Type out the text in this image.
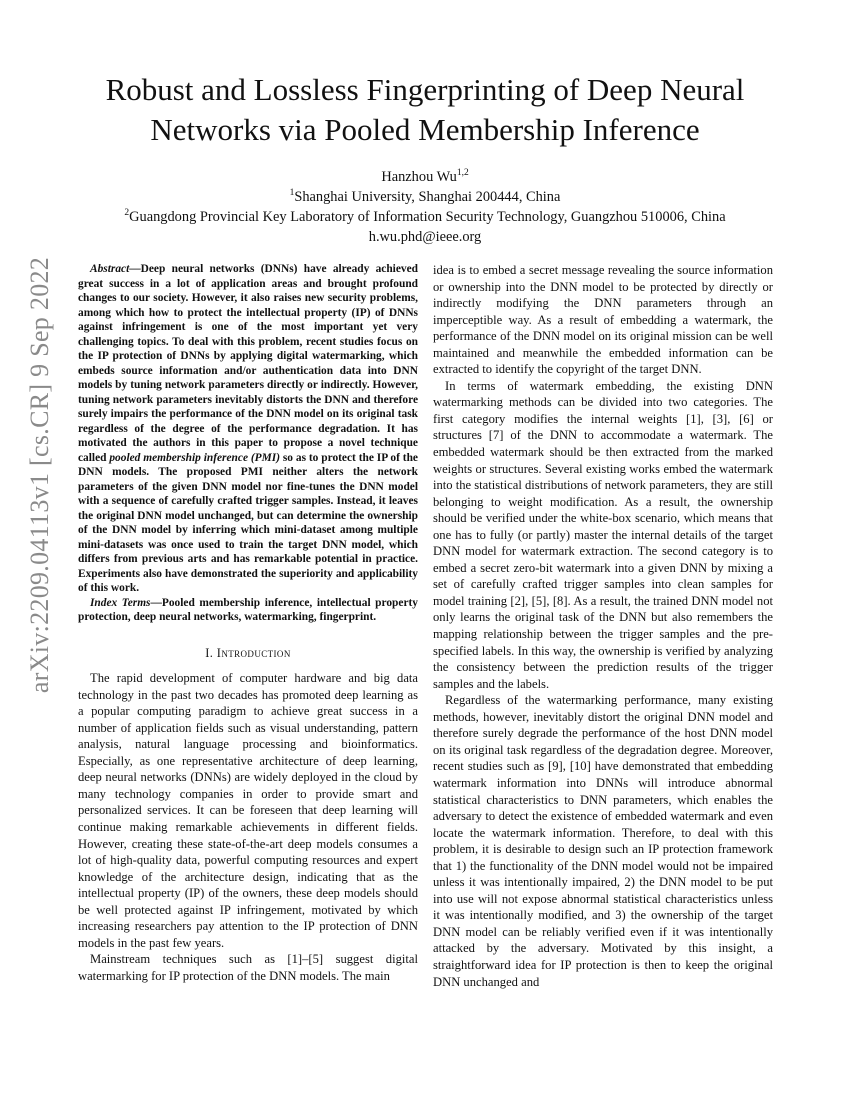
arXiv:2209.04113v1 [cs.CR] 9 Sep 2022
Robust and Lossless Fingerprinting of Deep Neural Networks via Pooled Membership Inference
Hanzhou Wu$^{1,2}$
$^1$Shanghai University, Shanghai 200444, China
$^2$Guangdong Provincial Key Laboratory of Information Security Technology, Guangzhou 510006, China
h.wu.phd@ieee.org

Abstract—Deep neural networks (DNNs) have already achieved great success in a lot of application areas and brought profound changes to our society. However, it also raises new security problems, among which how to protect the intellectual property (IP) of DNNs against infringement is one of the most important yet very challenging topics. To deal with this problem, recent studies focus on the IP protection of DNNs by applying digital watermarking, which embeds source information and/or authentication data into DNN models by tuning network parameters directly or indirectly. However, tuning network parameters inevitably distorts the DNN and therefore surely impairs the performance of the DNN model on its original task regardless of the degree of the performance degradation. It has motivated the authors in this paper to propose a novel technique called pooled membership inference (PMI) so as to protect the IP of the DNN models. The proposed PMI neither alters the network parameters of the given DNN model nor fine-tunes the DNN model with a sequence of carefully crafted trigger samples. Instead, it leaves the original DNN model unchanged, but can determine the ownership of the DNN model by inferring which mini-dataset among multiple mini-datasets was once used to train the target DNN model, which differs from previous arts and has remarkable potential in practice. Experiments also have demonstrated the superiority and applicability of this work.

Index Terms—Pooled membership inference, intellectual property protection, deep neural networks, watermarking, fingerprint.

I. Introduction

The rapid development of computer hardware and big data technology in the past two decades has promoted deep learning as a popular computing paradigm to achieve great success in a number of application fields such as visual understanding, pattern analysis, natural language processing and bioinformatics. Especially, as one representative architecture of deep learning, deep neural networks (DNNs) are widely deployed in the cloud by many technology companies in order to provide smart and personalized services. It can be foreseen that deep learning will continue making remarkable achievements in different fields. However, creating these state-of-the-art deep models consumes a lot of high-quality data, powerful computing resources and expert knowledge of the architecture design, indicating that as the intellectual property (IP) of the owners, these deep models should be well protected against IP infringement, motivated by which increasing researchers pay attention to the IP protection of DNN models in the past few years.

Mainstream techniques such as [1]–[5] suggest digital watermarking for IP protection of the DNN models. The main

idea is to embed a secret message revealing the source information or ownership into the DNN model to be protected by directly or indirectly modifying the DNN parameters through an imperceptible way. As a result of embedding a watermark, the performance of the DNN model on its original mission can be well maintained and meanwhile the embedded information can be extracted to identify the copyright of the target DNN.

In terms of watermark embedding, the existing DNN watermarking methods can be divided into two categories. The first category modifies the internal weights [1], [3], [6] or structures [7] of the DNN to accommodate a watermark. The embedded watermark should be then extracted from the marked weights or structures. Several existing works embed the watermark into the statistical distributions of network parameters, they are still belonging to weight modification. As a result, the ownership should be verified under the white-box scenario, which means that one has to fully (or partly) master the internal details of the target DNN model for watermark extraction. The second category is to embed a secret zero-bit watermark into a given DNN by mixing a set of carefully crafted trigger samples into clean samples for model training [2], [5], [8]. As a result, the trained DNN model not only learns the original task of the DNN but also remembers the mapping relationship between the trigger samples and the pre-specified labels. In this way, the ownership is verified by analyzing the consistency between the prediction results of the trigger samples and the labels.

Regardless of the watermarking performance, many existing methods, however, inevitably distort the original DNN model and therefore surely degrade the performance of the host DNN model on its original task regardless of the degradation degree. Moreover, recent studies such as [9], [10] have demonstrated that embedding watermark information into DNNs will introduce abnormal statistical characteristics to DNN parameters, which enables the adversary to detect the existence of embedded watermark and even locate the watermark information. Therefore, to deal with this problem, it is desirable to design such an IP protection framework that 1) the functionality of the DNN model would not be impaired unless it was intentionally impaired, 2) the DNN model to be put into use will not expose abnormal statistical characteristics unless it was intentionally modified, and 3) the ownership of the target DNN model can be reliably verified even if it was intentionally attacked by the adversary. Motivated by this insight, a straightforward idea for IP protection is then to keep the original DNN unchanged and
